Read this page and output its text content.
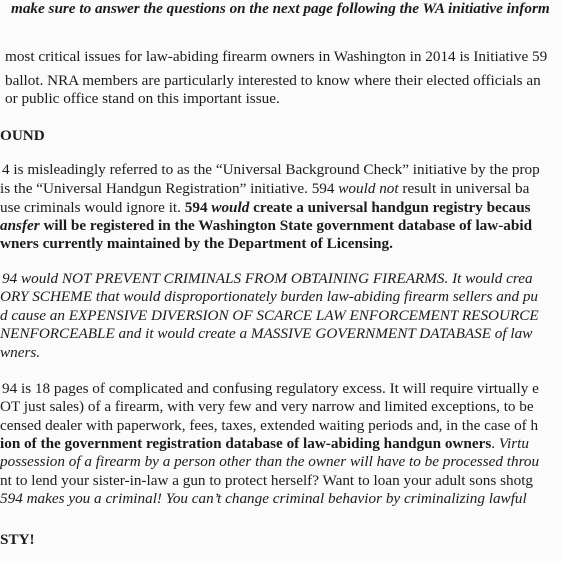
make sure to answer the questions on the next page following the WA initiative inform
most critical issues for law-abiding firearm owners in Washington in 2014 is Initiative 59
ballot. NRA members are particularly interested to know where their elected officials an
or public office stand on this important issue.
OUND
4 is misleadingly referred to as the “Universal Background Check” initiative by the prop
is the “Universal Handgun Registration” initiative. 594 would not result in universal ba
use criminals would ignore it. 594 would create a universal handgun registry becaus
ansfer will be registered in the Washington State government database of law-abid
wners currently maintained by the Department of Licensing.
94 would NOT PREVENT CRIMINALS FROM OBTAINING FIREARMS. It would crea
ORY SCHEME that would disproportionately burden law-abiding firearm sellers and pu
d cause an EXPENSIVE DIVERSION OF SCARCE LAW ENFORCEMENT RESOURCE
NENFORCEABLE and it would create a MASSIVE GOVERNMENT DATABASE of law
wners.
94 is 18 pages of complicated and confusing regulatory excess. It will require virtually e
OT just sales) of a firearm, with very few and very narrow and limited exceptions, to be
censed dealer with paperwork, fees, taxes, extended waiting periods and, in the case of h
ion of the government registration database of law-abiding handgun owners. Virtu
possession of a firearm by a person other than the owner will have to be processed throu
nt to lend your sister-in-law a gun to protect herself? Want to loan your adult sons shotg
594 makes you a criminal! You can’t change criminal behavior by criminalizing lawful
STY!
